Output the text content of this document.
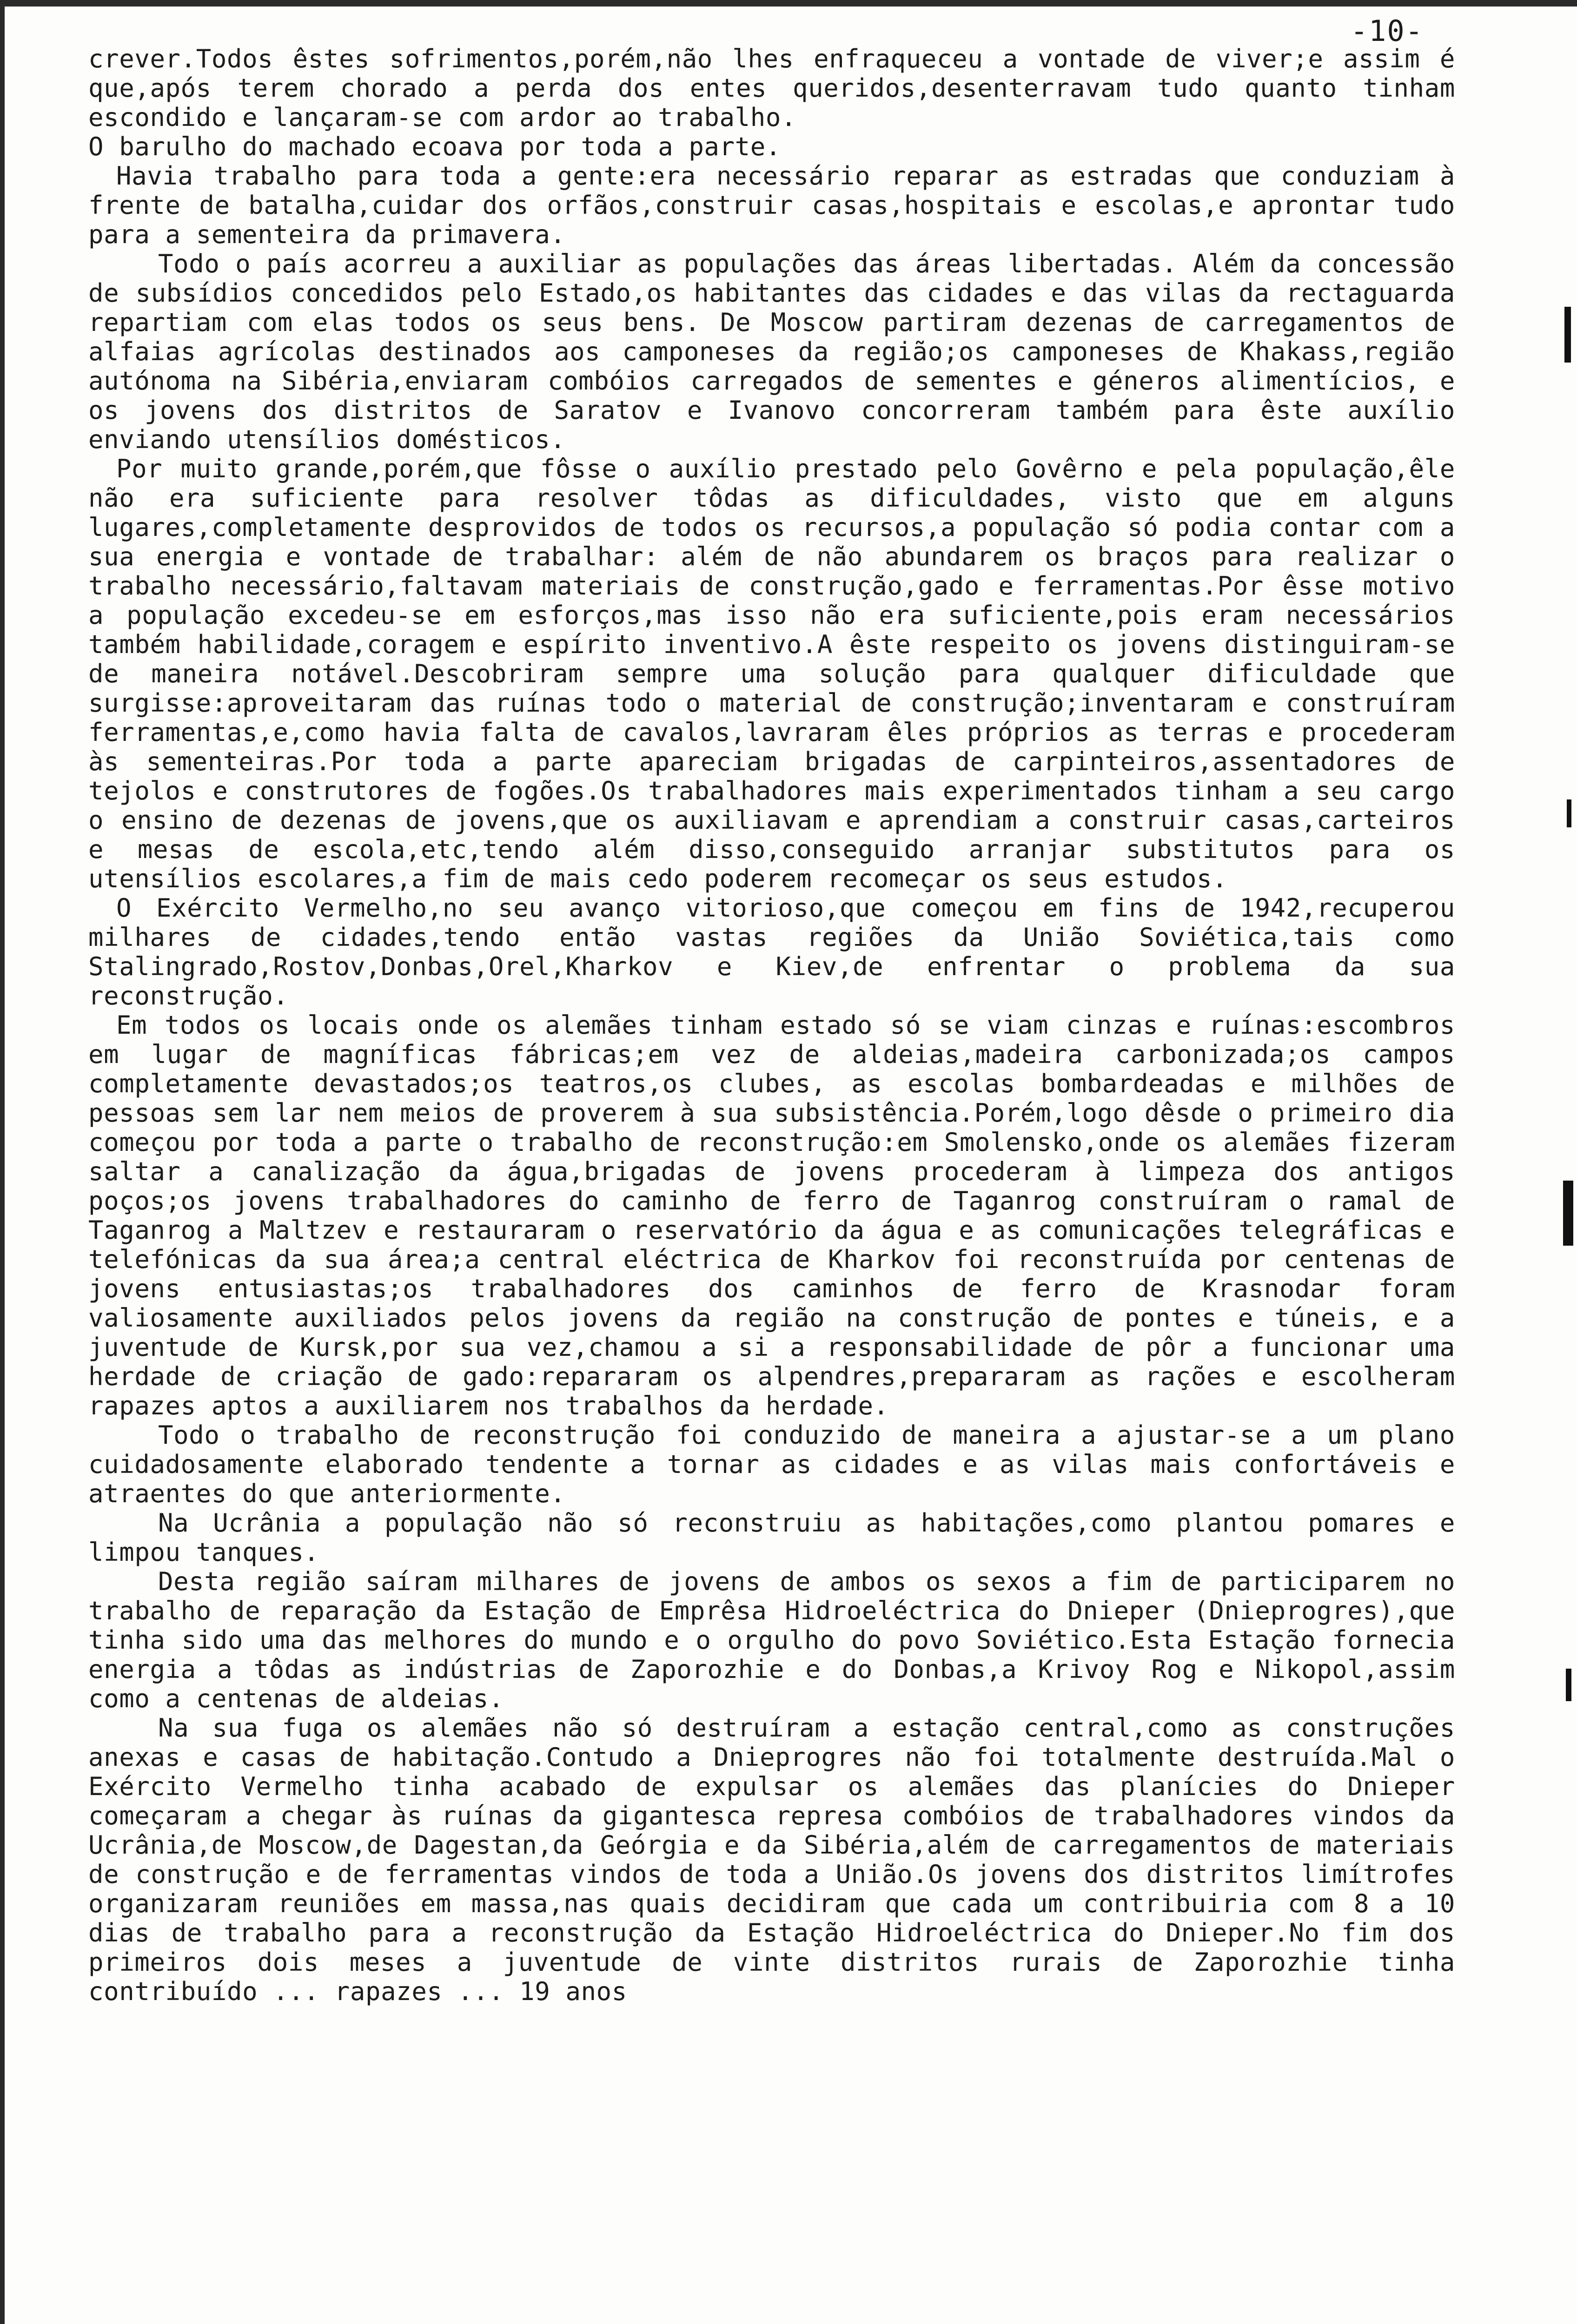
-10-

crever.Todos êstes sofrimentos,porém,não lhes enfraqueceu a vontade de viver;e assim é que,após terem chorado a perda dos entes queridos,desenterravam tudo quanto tinham escondido e lançaram-se com ardor ao trabalho.

O barulho do machado ecoava por toda a parte.

Havia trabalho para toda a gente:era necessário reparar as estradas que conduziam à frente de batalha,cuidar dos orfãos,construir casas,hospitais e escolas,e aprontar tudo para a sementeira da primavera.

Todo o país acorreu a auxiliar as populações das áreas libertadas. Além da concessão de subsídios concedidos pelo Estado,os habitantes das cidades e das vilas da rectaguarda repartiam com elas todos os seus bens. De Moscow partiram dezenas de carregamentos de alfaias agrícolas destinados aos camponeses da região;os camponeses de Khakass,região autónoma na Sibéria,enviaram combóios carregados de sementes e géneros alimentícios, e os jovens dos distritos de Saratov e Ivanovo concorreram também para êste auxílio enviando utensílios domésticos.

Por muito grande,porém,que fôsse o auxílio prestado pelo Govêrno e pela população,êle não era suficiente para resolver tôdas as dificuldades, visto que em alguns lugares,completamente desprovidos de todos os recursos,a população só podia contar com a sua energia e vontade de trabalhar: além de não abundarem os braços para realizar o trabalho necessário,faltavam materiais de construção,gado e ferramentas.Por êsse motivo a população excedeu-se em esforços,mas isso não era suficiente,pois eram necessários também habilidade,coragem e espírito inventivo.A êste respeito os jovens distinguiram-se de maneira notável.Descobriram sempre uma solução para qualquer dificuldade que surgisse:aproveitaram das ruínas todo o material de construção;inventaram e construíram ferramentas,e,como havia falta de cavalos,lavraram êles próprios as terras e procederam às sementeiras.Por toda a parte apareciam brigadas de carpinteiros,assentadores de tejolos e construtores de fogões.Os trabalhadores mais experimentados tinham a seu cargo o ensino de dezenas de jovens,que os auxiliavam e aprendiam a construir casas,carteiros e mesas de escola,etc,tendo além disso,conseguido arranjar substitutos para os utensílios escolares,a fim de mais cedo poderem recomeçar os seus estudos.

O Exército Vermelho,no seu avanço vitorioso,que começou em fins de 1942,recuperou milhares de cidades,tendo então vastas regiões da União Soviética,tais como Stalingrado,Rostov,Donbas,Orel,Kharkov e Kiev,de enfrentar o problema da sua reconstrução.

Em todos os locais onde os alemães tinham estado só se viam cinzas e ruínas:escombros em lugar de magníficas fábricas;em vez de aldeias,madeira carbonizada;os campos completamente devastados;os teatros,os clubes, as escolas bombardeadas e milhões de pessoas sem lar nem meios de proverem à sua subsistência.Porém,logo dêsde o primeiro dia começou por toda a parte o trabalho de reconstrução:em Smolensko,onde os alemães fizeram saltar a canalização da água,brigadas de jovens procederam à limpeza dos antigos poços;os jovens trabalhadores do caminho de ferro de Taganrog construíram o ramal de Taganrog a Maltzev e restauraram o reservatório da água e as comunicações telegráficas e telefónicas da sua área;a central eléctrica de Kharkov foi reconstruída por centenas de jovens entusiastas;os trabalhadores dos caminhos de ferro de Krasnodar foram valiosamente auxiliados pelos jovens da região na construção de pontes e túneis, e a juventude de Kursk,por sua vez,chamou a si a responsabilidade de pôr a funcionar uma herdade de criação de gado:repararam os alpendres,prepararam as rações e escolheram rapazes aptos a auxiliarem nos trabalhos da herdade.

Todo o trabalho de reconstrução foi conduzido de maneira a ajustar-se a um plano cuidadosamente elaborado tendente a tornar as cidades e as vilas mais confortáveis e atraentes do que anteriormente.

Na Ucrânia a população não só reconstruiu as habitações,como plantou pomares e limpou tanques.

Desta região saíram milhares de jovens de ambos os sexos a fim de participarem no trabalho de reparação da Estação de Emprêsa Hidroeléctrica do Dnieper (Dnieprogres),que tinha sido uma das melhores do mundo e o orgulho do povo Soviético.Esta Estação fornecia energia a tôdas as indústrias de Zaporozhie e do Donbas,a Krivoy Rog e Nikopol,assim como a centenas de aldeias.

Na sua fuga os alemães não só destruíram a estação central,como as construções anexas e casas de habitação.Contudo a Dnieprogres não foi totalmente destruída.Mal o Exército Vermelho tinha acabado de expulsar os alemães das planícies do Dnieper começaram a chegar às ruínas da gigantesca represa combóios de trabalhadores vindos da Ucrânia,de Moscow,de Dagestan,da Geórgia e da Sibéria,além de carregamentos de materiais de construção e de ferramentas vindos de toda a União.Os jovens dos distritos limítrofes organizaram reuniões em massa,nas quais decidiram que cada um contribuiria com 8 a 10 dias de trabalho para a reconstrução da Estação Hidroeléctrica do Dnieper.No fim dos primeiros dois meses a juventude de vinte distritos rurais de Zaporozhie tinha contribuído ... rapazes ... 19 anos
